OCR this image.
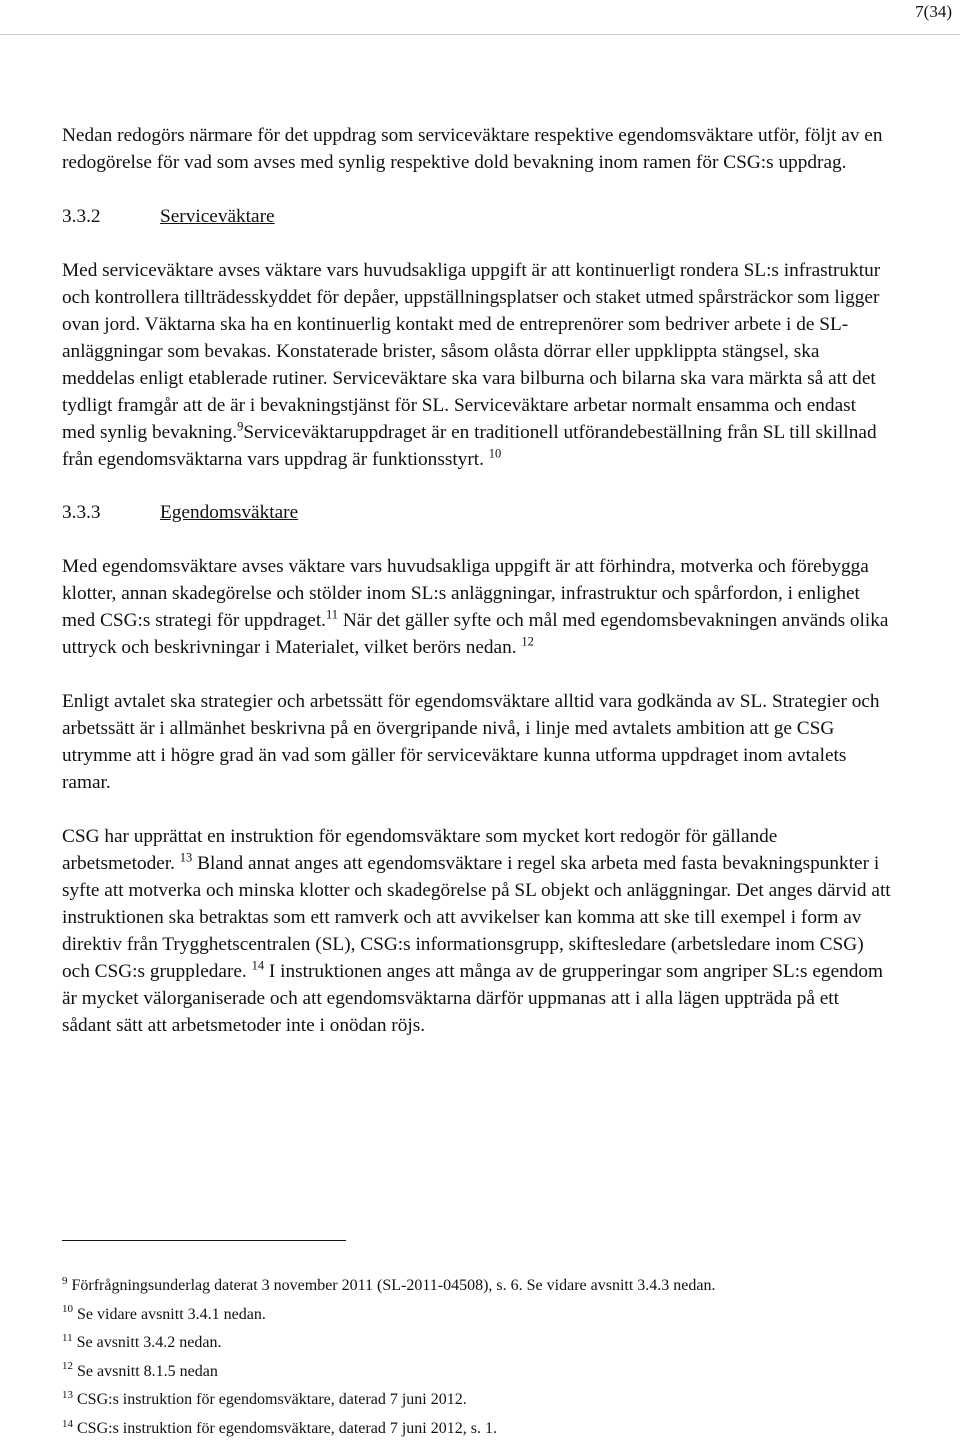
7(34)

Nedan redogörs närmare för det uppdrag som serviceväktare respektive egendomsväktare utför, följt av en redogörelse för vad som avses med synlig respektive dold bevakning inom ramen för CSG:s uppdrag.

3.3.2	Serviceväktare

Med serviceväktare avses väktare vars huvudsakliga uppgift är att kontinuerligt rondera SL:s infrastruktur och kontrollera tillträdesskyddet för depåer, uppställningsplatser och staket utmed spårsträckor som ligger ovan jord. Väktarna ska ha en kontinuerlig kontakt med de entreprenörer som bedriver arbete i de SL-anläggningar som bevakas. Konstaterade brister, såsom olåsta dörrar eller uppklippta stängsel, ska meddelas enligt etablerade rutiner. Serviceväktare ska vara bilburna och bilarna ska vara märkta så att det tydligt framgår att de är i bevakningstjänst för SL. Serviceväktare arbetar normalt ensamma och endast med synlig bevakning.$^9$Serviceväktaruppdraget är en traditionell utförandebeställning från SL till skillnad från egendomsväktarna vars uppdrag är funktionsstyrt. $^{10}$

3.3.3	Egendomsväktare

Med egendomsväktare avses väktare vars huvudsakliga uppgift är att förhindra, motverka och förebygga klotter, annan skadegörelse och stölder inom SL:s anläggningar, infrastruktur och spårfordon, i enlighet med CSG:s strategi för uppdraget.$^{11}$ När det gäller syfte och mål med egendomsbevakningen används olika uttryck och beskrivningar i Materialet, vilket berörs nedan. $^{12}$

Enligt avtalet ska strategier och arbetssätt för egendomsväktare alltid vara godkända av SL. Strategier och arbetssätt är i allmänhet beskrivna på en övergripande nivå, i linje med avtalets ambition att ge CSG utrymme att i högre grad än vad som gäller för serviceväktare kunna utforma uppdraget inom avtalets ramar.

CSG har upprättat en instruktion för egendomsväktare som mycket kort redogör för gällande arbetsmetoder. $^{13}$ Bland annat anges att egendomsväktare i regel ska arbeta med fasta bevakningspunkter i syfte att motverka och minska klotter och skadegörelse på SL objekt och anläggningar. Det anges därvid att instruktionen ska betraktas som ett ramverk och att avvikelser kan komma att ske till exempel i form av direktiv från Trygghetscentralen (SL), CSG:s informationsgrupp, skiftesledare (arbetsledare inom CSG) och CSG:s gruppledare. $^{14}$ I instruktionen anges att många av de grupperingar som angriper SL:s egendom är mycket välorganiserade och att egendomsväktarna därför uppmanas att i alla lägen uppträda på ett sådant sätt att arbetsmetoder inte i onödan röjs.

$^9$ Förfrågningsunderlag daterat 3 november 2011 (SL-2011-04508), s. 6. Se vidare avsnitt 3.4.3 nedan.
$^{10}$ Se vidare avsnitt 3.4.1 nedan.
$^{11}$ Se avsnitt 3.4.2 nedan.
$^{12}$ Se avsnitt 8.1.5 nedan
$^{13}$ CSG:s instruktion för egendomsväktare, daterad 7 juni 2012.
$^{14}$ CSG:s instruktion för egendomsväktare, daterad 7 juni 2012, s. 1.
